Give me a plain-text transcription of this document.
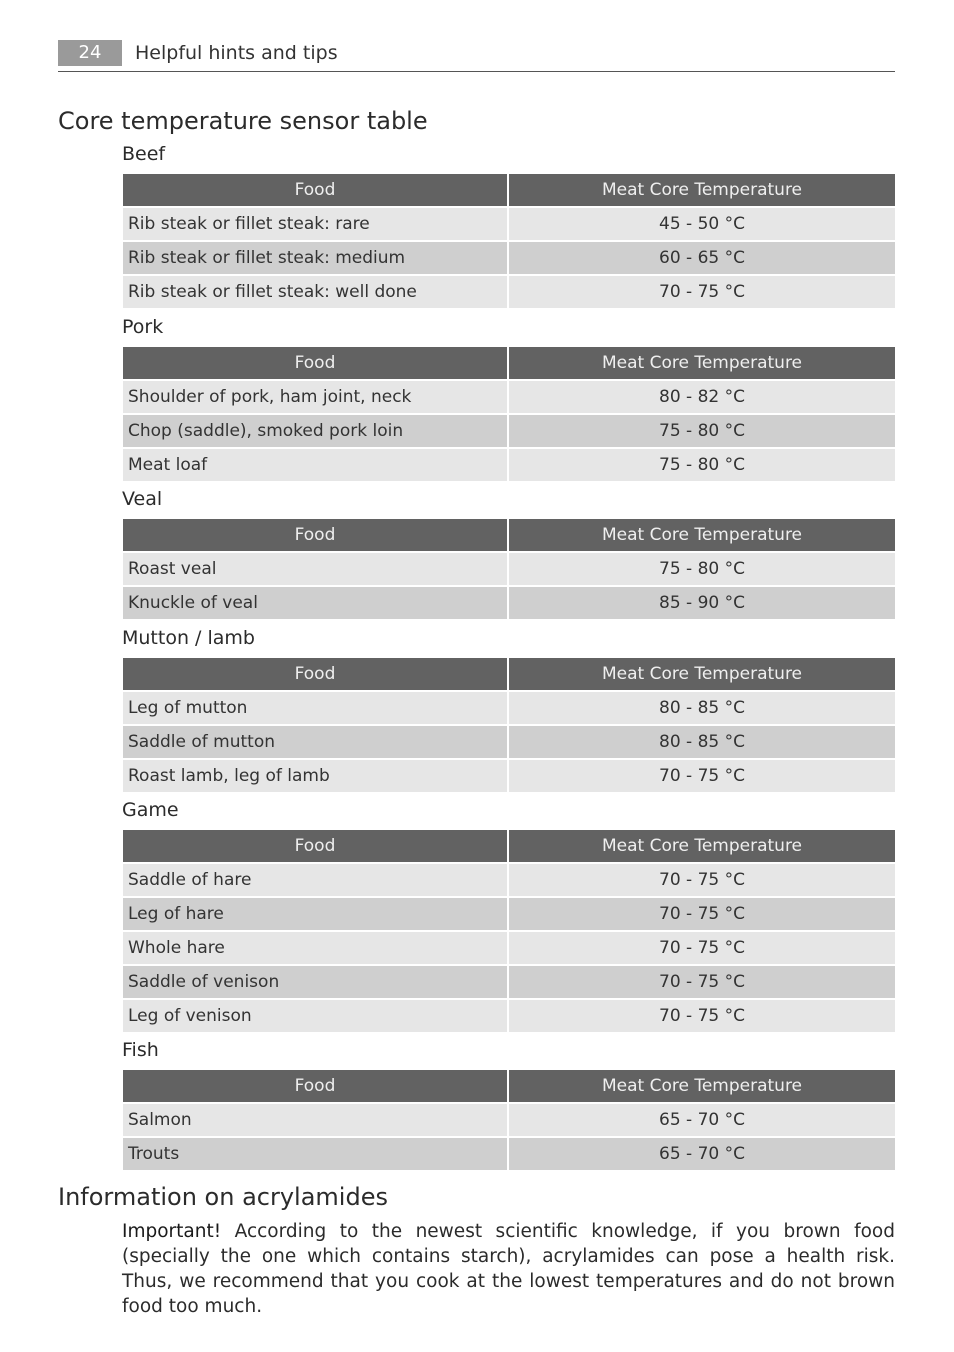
24	Helpful hints and tips
Core temperature sensor table
Beef
Food	Meat Core Temperature
Rib steak or fillet steak: rare	45 - 50 °C
Rib steak or fillet steak: medium	60 - 65 °C
Rib steak or fillet steak: well done	70 - 75 °C
Pork
Food	Meat Core Temperature
Shoulder of pork, ham joint, neck	80 - 82 °C
Chop (saddle), smoked pork loin	75 - 80 °C
Meat loaf	75 - 80 °C
Veal
Food	Meat Core Temperature
Roast veal	75 - 80 °C
Knuckle of veal	85 - 90 °C
Mutton / lamb
Food	Meat Core Temperature
Leg of mutton	80 - 85 °C
Saddle of mutton	80 - 85 °C
Roast lamb, leg of lamb	70 - 75 °C
Game
Food	Meat Core Temperature
Saddle of hare	70 - 75 °C
Leg of hare	70 - 75 °C
Whole hare	70 - 75 °C
Saddle of venison	70 - 75 °C
Leg of venison	70 - 75 °C
Fish
Food	Meat Core Temperature
Salmon	65 - 70 °C
Trouts	65 - 70 °C
Information on acrylamides

Important! According to the newest scientific knowledge, if you brown food (specially the one which contains starch), acrylamides can pose a health risk. Thus, we recommend that you cook at the lowest temperatures and do not brown food too much.
